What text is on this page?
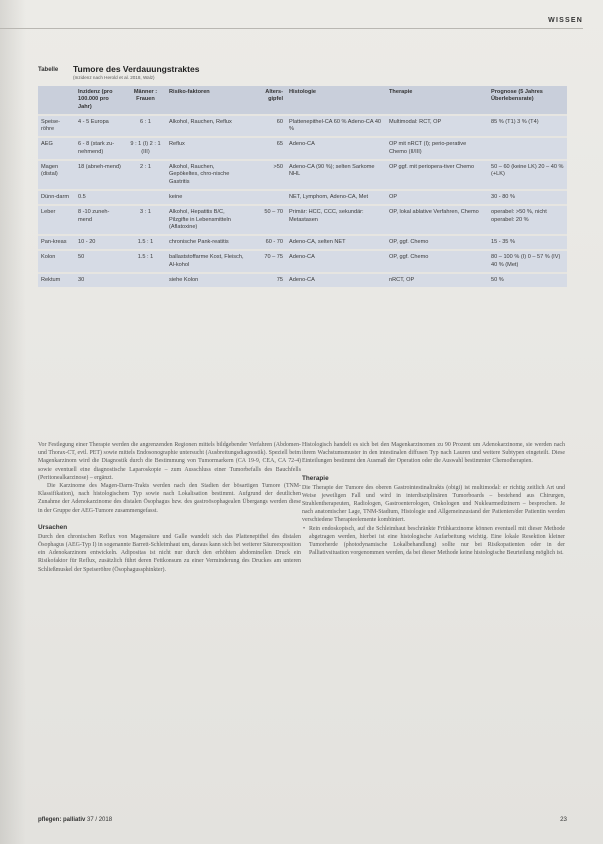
WISSEN
Tabelle Tumore des Verdauungstraktes
(Inzidenz nach Herold et al. 2018, Walz)
	Inzidenz (pro 100.000 pro Jahr)	Männer : Frauen	Risiko-faktoren	Alters-gipfel	Histologie	Therapie	Prognose (5 Jahres Überlebensrate)
Speise-röhre	4 - 5 Europa	6 : 1	Alkohol, Rauchen, Reflux	60	Plattenepithel-CA 60 % Adeno-CA 40 %	Multimodal: RCT, OP	85 % (T1) 3 % (T4)
AEG	6 - 8 (stark zu-nehmend)	9 : 1 (I) 2 : 1 (III)	Reflux	65	Adeno-CA	OP mit nRCT (I); perio-perative Chemo (II/III)	
Magen (distal)	18 (abneh-mend)	2 : 1	Alkohol, Rauchen, Gepökeltes, chro-nische Gastritis	>50	Adeno-CA (90 %); selten Sarkome NHL	OP ggf. mit periopera-tiver Chemo	50 – 60 (keine LK) 20 – 40 % (+LK)
Dünn-darm	0.5		keine		NET, Lymphom, Adeno-CA, Met	OP	30 - 80 %
Leber	8 -10 zuneh-mend	3 : 1	Alkohol, Hepatitis B/C, Pilzgifte in Lebensmitteln (Aflatoxine)	50 – 70	Primär: HCC, CCC, sekundär: Metastasen	OP, lokal ablative Verfahren, Chemo	operabel: >50 %, nicht operabel: 20 %
Pan-kreas	10 - 20	1.5 : 1	chronische Pank-reatitis	60 - 70	Adeno-CA, selten NET	OP, ggf. Chemo	15 - 35 %
Kolon	50	1.5 : 1	ballaststoffarme Kost, Fleisch, Al-kohol	70 – 75	Adeno-CA	OP, ggf. Chemo	80 – 100 % (I) 0 – 57 % (IV) 40 % (Met)
Rektum	30		siehe Kolon	75	Adeno-CA	nRCT, OP	50 %

Vor Festlegung einer Therapie werden die angrenzenden Regionen mittels bildgebender Verfahren (Abdomen- und Thorax-CT, evtl. PET) sowie mittels Endosonographie untersucht (Ausbreitungsdiagnostik). Speziell beim Magenkarzinom wird die Diagnostik durch die Bestimmung von Tumormarkern (CA 19-9, CEA, CA 72-4) sowie eventuell eine diagnostische Laparoskopie – zum Ausschluss einer Tumorbefalls des Bauchfells (Peritonealkarzinose) – ergänzt.

Die Karzinome des Magen-Darm-Trakts werden nach den Stadien der bösartigen Tumore (TNM-Klassifikation), nach histologischem Typ sowie nach Lokalisation bestimmt. Aufgrund der deutlichen Zunahme der Adenokarzinome des distalen Ösophagus bzw. des gastroösophagealen Übergangs werden diese in der Gruppe der AEG-Tumore zusammengefasst.

Ursachen

Durch den chronischen Reflux von Magensäure und Galle wandelt sich das Plattenepithel des distalen Ösophagus (AEG-Typ I) in sogenannte Barrett-Schleimhaut um, daraus kann sich bei weiterer Säureexposition ein Adenokarzinom entwickeln. Adipositas ist nicht nur durch den erhöhten abdominellen Druck ein Risikofaktor für Reflux, zusätzlich führt deren Fettkonsum zu einer Verminderung des Druckes am unteren Schließmuskel der Speiseröhre (Ösophagussphinkter).

Histologisch handelt es sich bei den Magenkarzinomen zu 90 Prozent um Adenokarzinome, sie werden nach ihrem Wachstumsmuster in den intestinalen diffusen Typ nach Lauren und weitere Subtypen eingeteilt. Diese Einteilungen bestimmt den Ausmaß der Operation oder die Auswahl bestimmter Chemotherapien.

Therapie

Die Therapie der Tumore des oberen Gastrointestinaltrakts (obigi) ist multimodal: er richtig zeitlich Art und Weise jeweiligen Fall und wird in interdisziplinären Tumorboards – bestehend aus Chirurgen, Strahlentherapeuten, Radiologen, Gastroenterologen, Onkologen und Nuklearmedizinern – besprochen. Je nach anatomischer Lage, TNM-Stadium, Histologie und Allgemeinzustand der Patienten/der Patientin werden verschiedene Therapieelemente kombiniert.

• Rein endoskopisch, auf die Schleimhaut beschränkte Frühkarzinome können eventuell mit dieser Methode abgetragen werden, hierbei ist eine histologische Aufarbeitung wichtig. Eine lokale Resektion kleiner Tumorherde (photodynamische Lokalbehandlung) sollte nur bei Risikopatienten oder in der Palliativsituation vorgenommen werden, da bei dieser Methode keine histologische Beurteilung möglich ist.
pflegen: palliativ 37 / 2018	23
